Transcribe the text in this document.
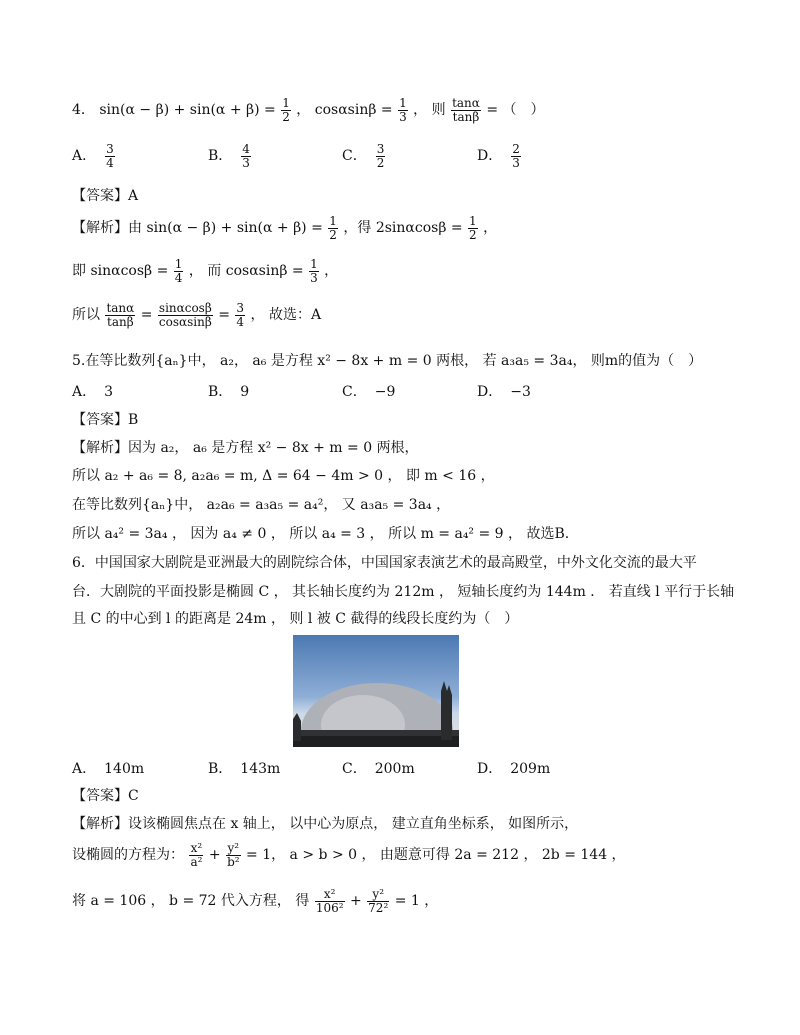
4． $\sin(\alpha - \beta) + \sin(\alpha + \beta) = \frac{1}{2}$ ， $\cos\alpha\sin\beta = \frac{1}{3}$ ， 则 $\frac{\tan\alpha}{\tan\beta}$ = （　）
A． $\frac{3}{4}$	B． $\frac{4}{3}$	C． $\frac{3}{2}$	D． $\frac{2}{3}$
【答案】A
【解析】由 $\sin(\alpha - \beta) + \sin(\alpha + \beta) = \frac{1}{2}$ ，得 $2\sin\alpha\cos\beta = \frac{1}{2}$ ，
即 $\sin\alpha\cos\beta = \frac{1}{4}$ ， 而 $\cos\alpha\sin\beta = \frac{1}{3}$ ，
所以 $\frac{\tan\alpha}{\tan\beta} = \frac{\sin\alpha\cos\beta}{\cos\alpha\sin\beta} = \frac{3}{4}$ ， 故选：A
5.在等比数列{aₙ}中， a₂， a₆ 是方程 x² − 8x + m = 0 两根， 若 a₃a₅ = 3a₄， 则m的值为（　）
A． 3	B． 9	C． −9	D． −3
【答案】B
【解析】因为 a₂， a₆ 是方程 x² − 8x + m = 0 两根，
所以 a₂ + a₆ = 8, a₂a₆ = m, Δ = 64 − 4m > 0 ， 即 m < 16 ，
在等比数列{aₙ}中， a₂a₆ = a₃a₅ = a₄²， 又 a₃a₅ = 3a₄ ，
所以 a₄² = 3a₄ ， 因为 a₄ ≠ 0 ， 所以 a₄ = 3 ， 所以 m = a₄² = 9 ， 故选B.
6．中国国家大剧院是亚洲最大的剧院综合体，中国国家表演艺术的最高殿堂，中外文化交流的最大平
台．大剧院的平面投影是椭圆 C ， 其长轴长度约为 212m ， 短轴长度约为 144m ． 若直线 l 平行于长轴
且 C 的中心到 l 的距离是 24m ， 则 l 被 C 截得的线段长度约为（　）
A． 140m	B． 143m	C． 200m	D． 209m
【答案】C
【解析】设该椭圆焦点在 x 轴上， 以中心为原点， 建立直角坐标系， 如图所示，
设椭圆的方程为： $\frac{\text{x²}}{\text{a²}} + \frac{\text{y²}}{\text{b²}} = 1$， a > b > 0 ， 由题意可得 2a = 212 ， 2b = 144 ，
将 a = 106 ， b = 72 代入方程， 得 $\frac{\text{x²}}{\text{106²}} + \frac{\text{y²}}{\text{72²}} = 1$ ，
